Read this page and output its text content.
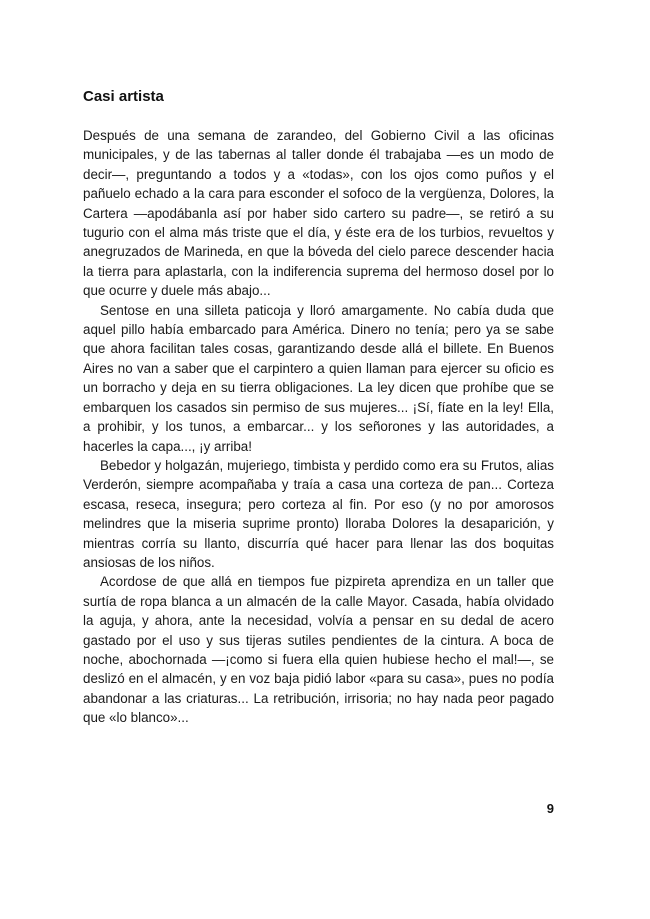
Casi artista

Después de una semana de zarandeo, del Gobierno Civil a las oficinas municipales, y de las tabernas al taller donde él trabajaba —es un modo de decir—, preguntando a todos y a «todas», con los ojos como puños y el pañuelo echado a la cara para esconder el sofoco de la vergüenza, Dolores, la Cartera —apodábanla así por haber sido cartero su padre—, se retiró a su tugurio con el alma más triste que el día, y éste era de los turbios, revueltos y anegruzados de Marineda, en que la bóveda del cielo parece descender hacia la tierra para aplastarla, con la indiferencia suprema del hermoso dosel por lo que ocurre y duele más abajo...

Sentose en una silleta paticoja y lloró amargamente. No cabía duda que aquel pillo había embarcado para América. Dinero no tenía; pero ya se sabe que ahora facilitan tales cosas, garantizando desde allá el billete. En Buenos Aires no van a saber que el carpintero a quien llaman para ejercer su oficio es un borracho y deja en su tierra obligaciones. La ley dicen que prohíbe que se embarquen los casados sin permiso de sus mujeres... ¡Sí, fíate en la ley! Ella, a prohibir, y los tunos, a embarcar... y los señorones y las autoridades, a hacerles la capa..., ¡y arriba!

Bebedor y holgazán, mujeriego, timbista y perdido como era su Frutos, alias Verderón, siempre acompañaba y traía a casa una corteza de pan... Corteza escasa, reseca, insegura; pero corteza al fin. Por eso (y no por amorosos melindres que la miseria suprime pronto) lloraba Dolores la desaparición, y mientras corría su llanto, discurría qué hacer para llenar las dos boquitas ansiosas de los niños.

Acordose de que allá en tiempos fue pizpireta aprendiza en un taller que surtía de ropa blanca a un almacén de la calle Mayor. Casada, había olvidado la aguja, y ahora, ante la necesidad, volvía a pensar en su dedal de acero gastado por el uso y sus tijeras sutiles pendientes de la cintura. A boca de noche, abochornada —¡como si fuera ella quien hubiese hecho el mal!—, se deslizó en el almacén, y en voz baja pidió labor «para su casa», pues no podía abandonar a las criaturas... La retribución, irrisoria; no hay nada peor pagado que «lo blanco»...

9
